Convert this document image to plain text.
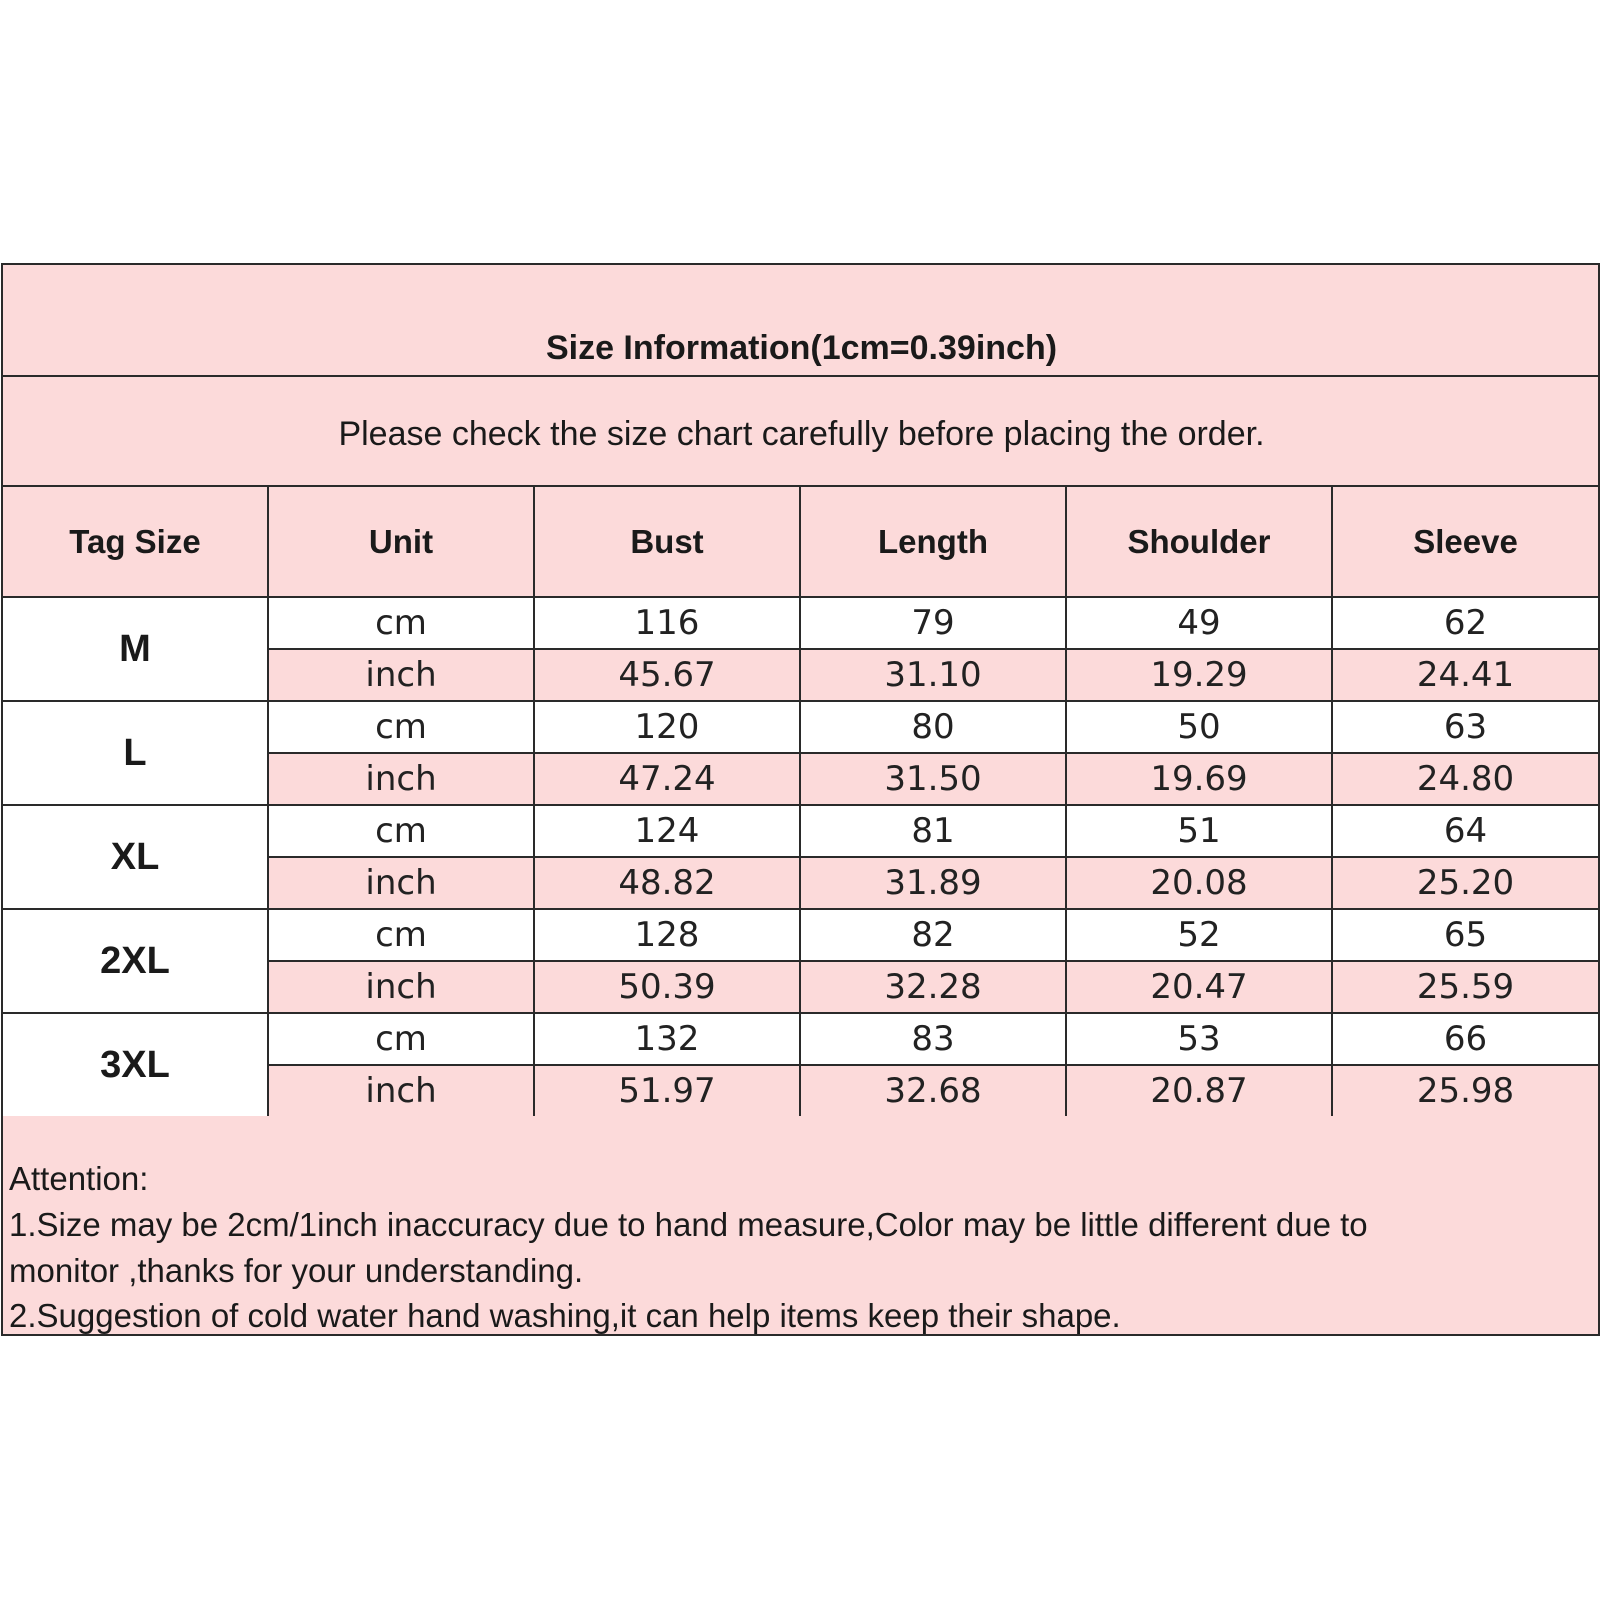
Size Information(1cm=0.39inch)
Please check the size chart carefully before placing the order.
Tag Size	Unit	Bust	Length	Shoulder	Sleeve
M
cm	116	79	49	62
inch	45.67	31.10	19.29	24.41
L
cm	120	80	50	63
inch	47.24	31.50	19.69	24.80
XL
cm	124	81	51	64
inch	48.82	31.89	20.08	25.20
2XL
cm	128	82	52	65
inch	50.39	32.28	20.47	25.59
3XL
cm	132	83	53	66
inch	51.97	32.68	20.87	25.98
Attention:
1.Size may be 2cm/1inch inaccuracy due to hand measure,Color may be little different due to
monitor ,thanks for your understanding.
2.Suggestion of cold water hand washing,it can help items keep their shape.
